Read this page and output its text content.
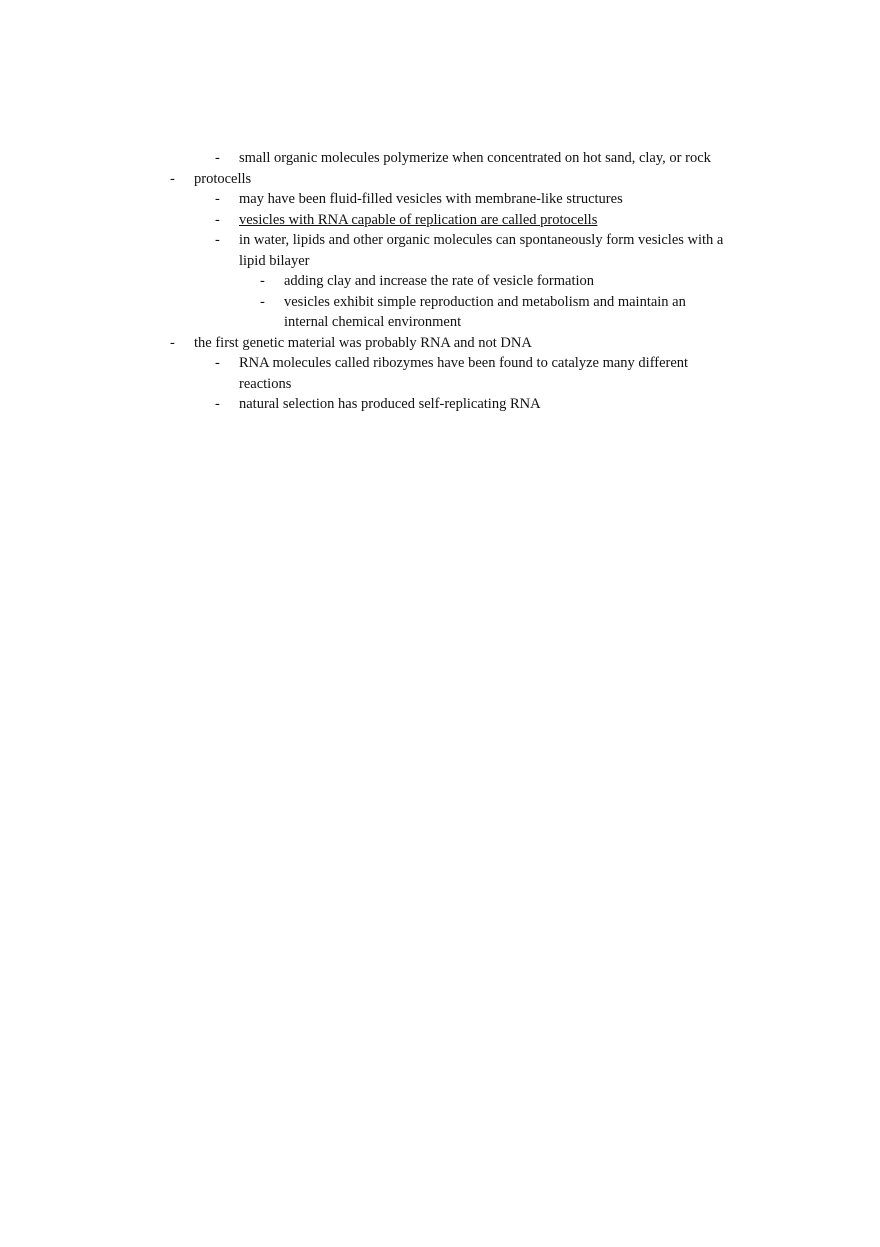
- small organic molecules polymerize when concentrated on hot sand, clay, or rock
- protocells
- may have been fluid-filled vesicles with membrane-like structures
- vesicles with RNA capable of replication are called protocells
- in water, lipids and other organic molecules can spontaneously form vesicles with a lipid bilayer
- adding clay and increase the rate of vesicle formation
- vesicles exhibit simple reproduction and metabolism and maintain an internal chemical environment
- the first genetic material was probably RNA and not DNA
- RNA molecules called ribozymes have been found to catalyze many different reactions
- natural selection has produced self-replicating RNA
